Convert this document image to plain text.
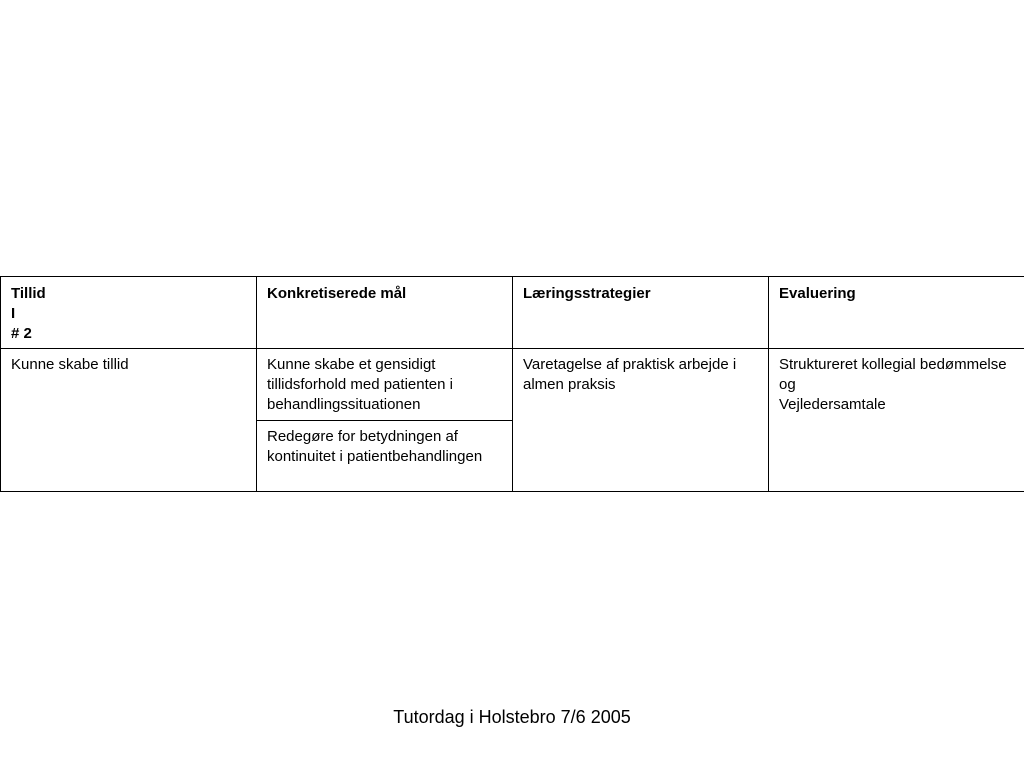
Tillid
I
# 2	Konkretiserede mål	Læringsstrategier	Evaluering
Kunne skabe tillid	Kunne skabe et gensidigt tillidsforhold med patienten i behandlingssituationen	Varetagelse af praktisk arbejde i almen praksis	Struktureret kollegial bedømmelse
og
Vejledersamtale

	Redegøre for betydningen af kontinuitet i patientbehandlingen		
Tutordag i Holstebro 7/6 2005
